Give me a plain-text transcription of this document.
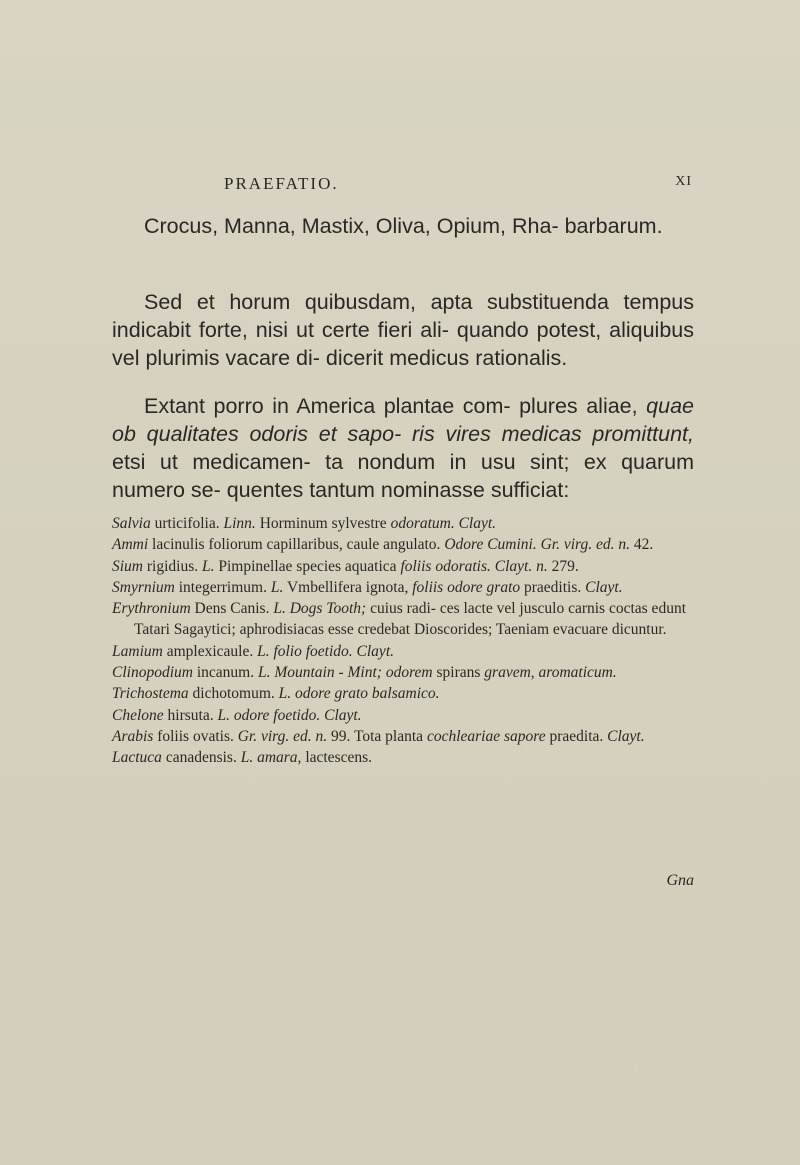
PRAEFATIO.	XI

Crocus, Manna, Mastix, Oliva, Opium, Rha- barbarum.

Sed et horum quibusdam, apta substituenda tempus indicabit forte, nisi ut certe fieri ali- quando potest, aliquibus vel plurimis vacare di- dicerit medicus rationalis.

Extant porro in America plantae com- plures aliae, quae ob qualitates odoris et sapo- ris vires medicas promittunt, etsi ut medicamen- ta nondum in usu sint; ex quarum numero se- quentes tantum nominasse sufficiat:

Salvia urticifolia. Linn. Horminum sylvestre odoratum. Clayt.

Ammi lacinulis foliorum capillaribus, caule angulato. Odore Cumini. Gr. virg. ed. n. 42.

Sium rigidius. L. Pimpinellae species aquatica foliis odoratis. Clayt. n. 279.

Smyrnium integerrimum. L. Vmbellifera ignota, foliis odore grato praeditis. Clayt.

Erythronium Dens Canis. L. Dogs Tooth; cuius radi- ces lacte vel jusculo carnis coctas edunt Tatari Sagaytici; aphrodisiacas esse credebat Dioscorides; Taeniam evacuare dicuntur.

Lamium amplexicaule. L. folio foetido. Clayt.

Clinopodium incanum. L. Mountain - Mint; odorem spirans gravem, aromaticum.

Trichostema dichotomum. L. odore grato balsamico.

Chelone hirsuta. L. odore foetido. Clayt.

Arabis foliis ovatis. Gr. virg. ed. n. 99. Tota planta cochleariae sapore praedita. Clayt.

Lactuca canadensis. L. amara, lactescens.

Gna
